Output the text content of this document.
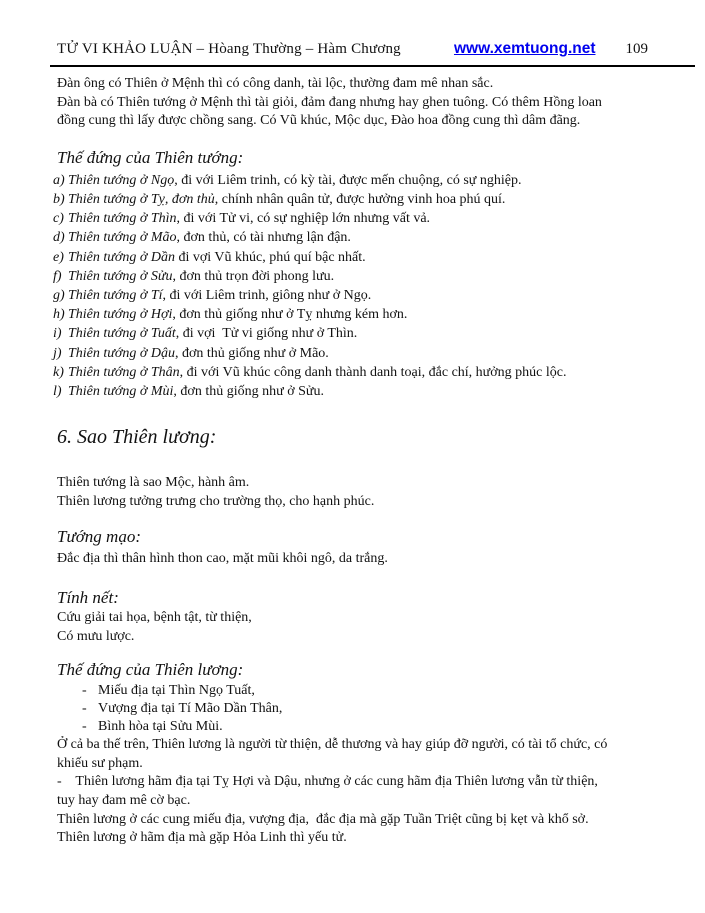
TỬ VI KHẢO LUẬN – Hòang Thường – Hàm Chương	www.xemtuong.net 109
Đàn ông có Thiên ở Mệnh thì có công danh, tài lộc, thường đam mê nhan sắc.
Đàn bà có Thiên tướng ở Mệnh thì tài giỏi, đảm đang nhưng hay ghen tuông. Có thêm Hồng loan
đồng cung thì lấy được chồng sang. Có Vũ khúc, Mộc dục, Đào hoa đồng cung thì dâm đãng.
Thế đứng của Thiên tướng:
a) Thiên tướng ở Ngọ, đi với Liêm trinh, có kỳ tài, được mến chuộng, có sự nghiệp.
b) Thiên tướng ở Tỵ, đơn thủ, chính nhân quân tử, được hưởng vinh hoa phú quí.
c) Thiên tướng ở Thìn, đi với Tử vi, có sự nghiệp lớn nhưng vất vả.
d) Thiên tướng ở Mão, đơn thủ, có tài nhưng lận đận.
e) Thiên tướng ở Dần đi vợi Vũ khúc, phú quí bậc nhất.
f) Thiên tướng ở Sửu, đơn thủ trọn đời phong lưu.
g) Thiên tướng ở Tí, đi với Liêm trinh, giông như ở Ngọ.
h) Thiên tướng ở Hợi, đơn thủ giống như ở Tỵ nhưng kém hơn.
i) Thiên tướng ở Tuất, đi vợi  Tử vi giống như ở Thìn.
j) Thiên tướng ở Dậu, đơn thủ giống như ở Mão.
k) Thiên tướng ở Thân, đi với Vũ khúc công danh thành danh toại, đắc chí, hưởng phúc lộc.
l) Thiên tướng ở Mùi, đơn thủ giống như ở Sửu.
6. Sao Thiên lương:
Thiên tướng là sao Mộc, hành âm.
Thiên lương tưởng trưng cho trường thọ, cho hạnh phúc.
Tướng mạo:
Đắc địa thì thân hình thon cao, mặt mũi khôi ngô, da trắng.
Tính nết:
Cứu giải tai họa, bệnh tật, từ thiện,
Có mưu lược.
Thế đứng của Thiên lương:
- Miếu địa tại Thìn Ngọ Tuất,
- Vượng địa tại Tí Mão Dần Thân,
- Bình hòa tại Sửu Mùi.
Ở cả ba thế trên, Thiên lương là người từ thiện, dễ thương và hay giúp đỡ người, có tài tổ chức, có
khiếu sư phạm.
-    Thiên lương hãm địa tại Tỵ Hợi và Dậu, nhưng ở các cung hãm địa Thiên lương vẫn từ thiện,
tuy hay đam mê cờ bạc.
Thiên lương ở các cung miếu địa, vượng địa,  đắc địa mà gặp Tuần Triệt cũng bị kẹt và khổ sở.
Thiên lương ở hãm địa mà gặp Hỏa Linh thì yếu tử.
